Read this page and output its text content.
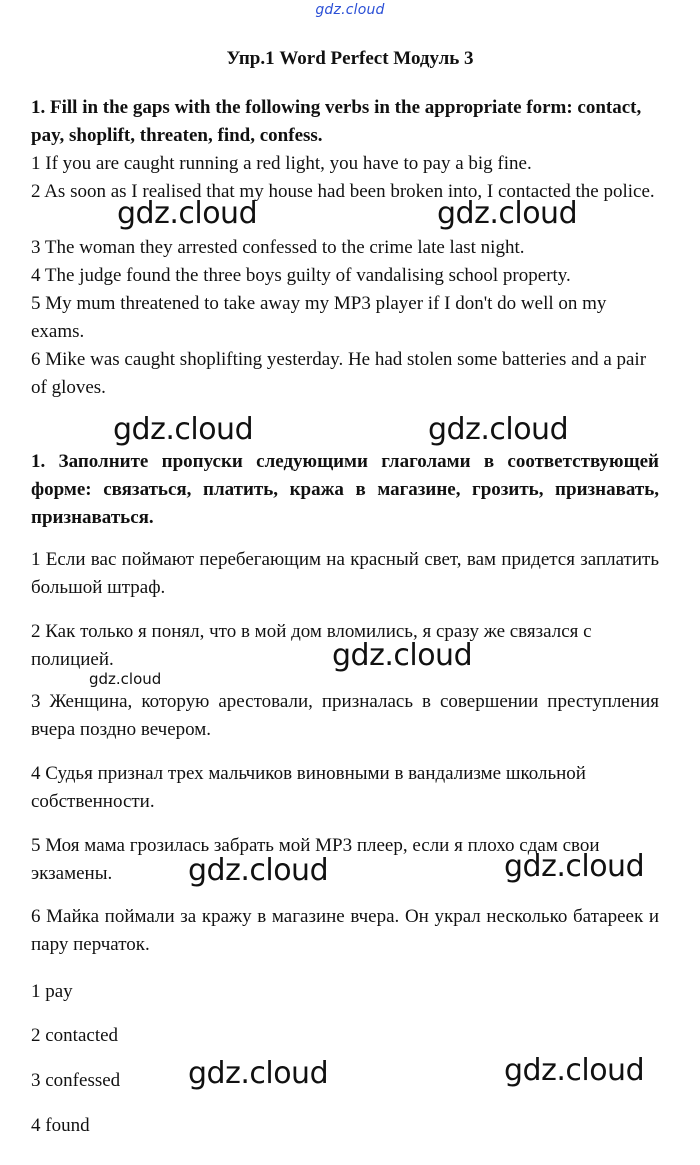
gdz.cloud
Упр.1 Word Perfect Модуль 3
1. Fill in the gaps with the following verbs in the appropriate form: contact, pay, shoplift, threaten, find, confess.
1 If you are caught running a red light, you have to pay a big fine.
2 As soon as I realised that my house had been broken into, I contacted the police.
3 The woman they arrested confessed to the crime late last night.
4 The judge found the three boys guilty of vandalising school property.
5 My mum threatened to take away my MP3 player if I don't do well on my exams.
6 Mike was caught shoplifting yesterday. He had stolen some batteries and a pair of gloves.
1. Заполните пропуски следующими глаголами в соответствующей форме: связаться, платить, кража в магазине, грозить, признавать, признаваться.
1 Если вас поймают перебегающим на красный свет, вам придется заплатить большой штраф.
2 Как только я понял, что в мой дом вломились, я сразу же связался с полицией.
3 Женщина, которую арестовали, призналась в совершении преступления вчера поздно вечером.
4 Судья признал трех мальчиков виновными в вандализме школьной собственности.
5 Моя мама грозилась забрать мой MP3 плеер, если я плохо сдам свои экзамены.
6 Майка поймали за кражу в магазине вчера. Он украл несколько батареек и пару перчаток.
1 pay
2 contacted
3 confessed
4 found
gdz.cloud	gdz.cloud
gdz.cloud	gdz.cloud
gdz.cloud
gdz.cloud
gdz.cloud	gdz.cloud
gdz.cloud	gdz.cloud
